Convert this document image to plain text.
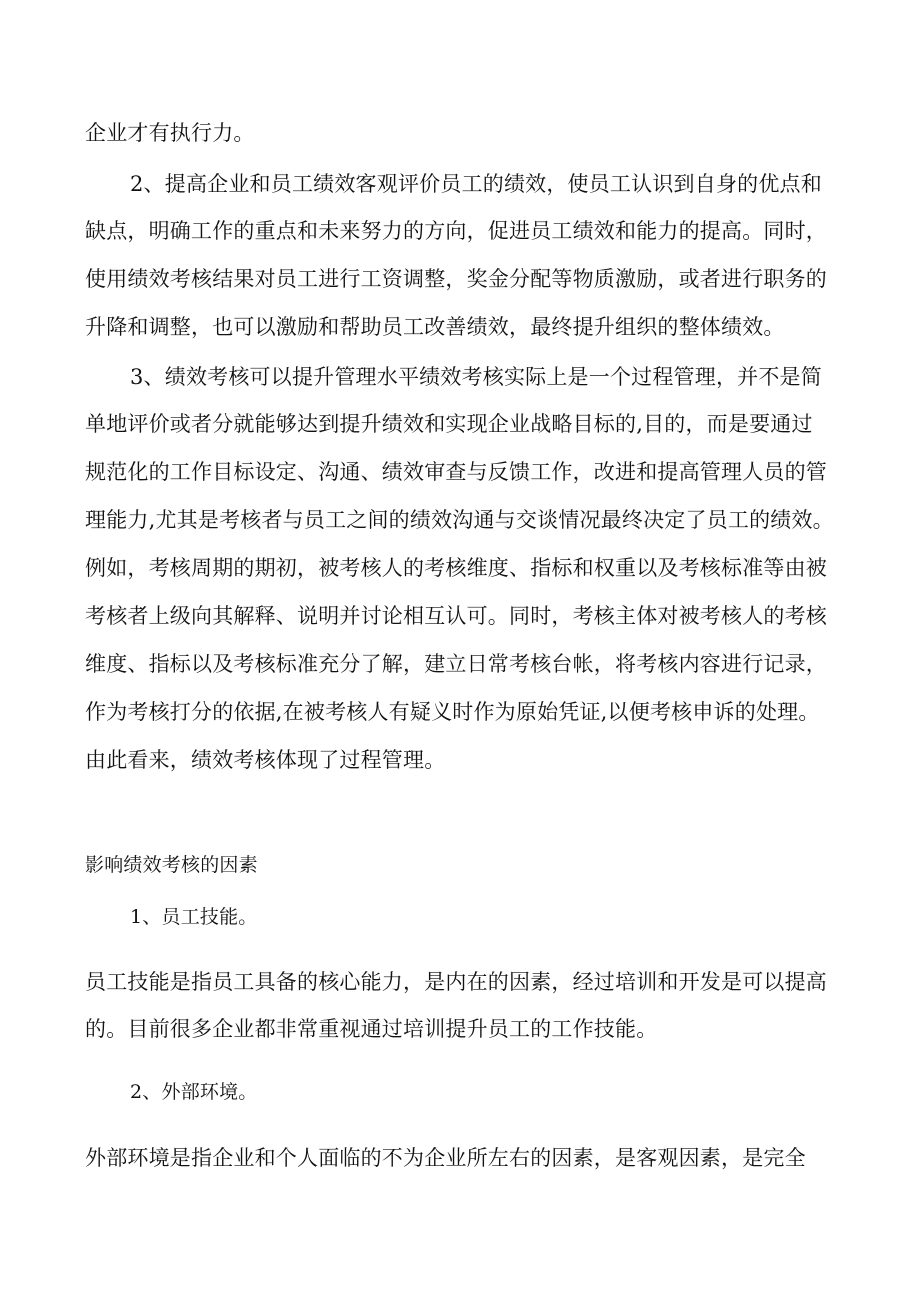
企业才有执行力。
2、提高企业和员工绩效客观评价员工的绩效，使员工认识到自身的优点和
缺点，明确工作的重点和未来努力的方向，促进员工绩效和能力的提高。同时，
使用绩效考核结果对员工进行工资调整，奖金分配等物质激励，或者进行职务的
升降和调整，也可以激励和帮助员工改善绩效，最终提升组织的整体绩效。
3、绩效考核可以提升管理水平绩效考核实际上是一个过程管理，并不是简
单地评价或者分就能够达到提升绩效和实现企业战略目标的,目的，而是要通过
规范化的工作目标设定、沟通、绩效审查与反馈工作，改进和提高管理人员的管
理能力,尤其是考核者与员工之间的绩效沟通与交谈情况最终决定了员工的绩效。
例如，考核周期的期初，被考核人的考核维度、指标和权重以及考核标准等由被
考核者上级向其解释、说明并讨论相互认可。同时，考核主体对被考核人的考核
维度、指标以及考核标准充分了解，建立日常考核台帐，将考核内容进行记录，
作为考核打分的依据,在被考核人有疑义时作为原始凭证,以便考核申诉的处理。
由此看来，绩效考核体现了过程管理。
影响绩效考核的因素
1、员工技能。
员工技能是指员工具备的核心能力，是内在的因素，经过培训和开发是可以提高
的。目前很多企业都非常重视通过培训提升员工的工作技能。
2、外部环境。
外部环境是指企业和个人面临的不为企业所左右的因素，是客观因素，是完全
